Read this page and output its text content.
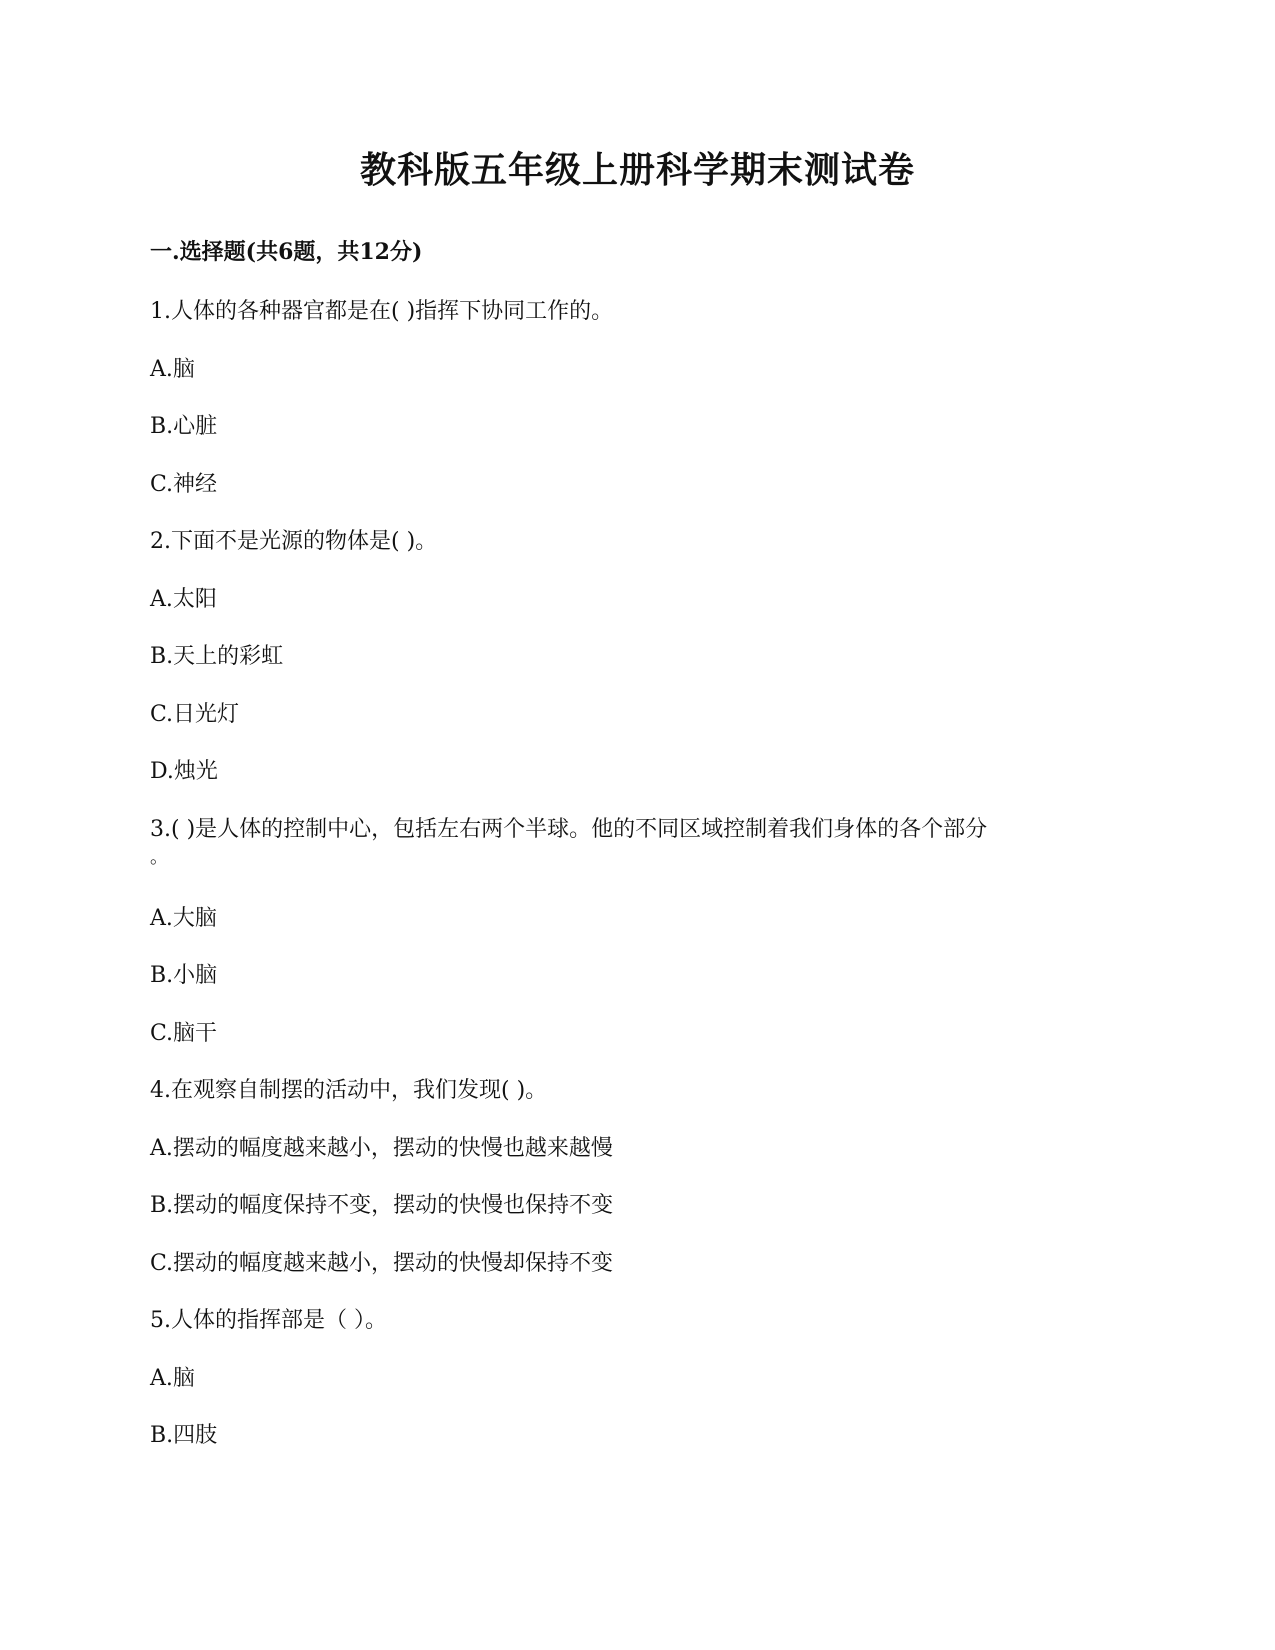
教科版五年级上册科学期末测试卷
一.选择题(共6题，共12分)
1.人体的各种器官都是在( )指挥下协同工作的。
A.脑
B.心脏
C.神经
2.下面不是光源的物体是( )。
A.太阳
B.天上的彩虹
C.日光灯
D.烛光
3.( )是人体的控制中心，包括左右两个半球。他的不同区域控制着我们身体的各个部分
。
A.大脑
B.小脑
C.脑干
4.在观察自制摆的活动中，我们发现( )。
A.摆动的幅度越来越小，摆动的快慢也越来越慢
B.摆动的幅度保持不变，摆动的快慢也保持不变
C.摆动的幅度越来越小，摆动的快慢却保持不变
5.人体的指挥部是（ ）。
A.脑
B.四肢
